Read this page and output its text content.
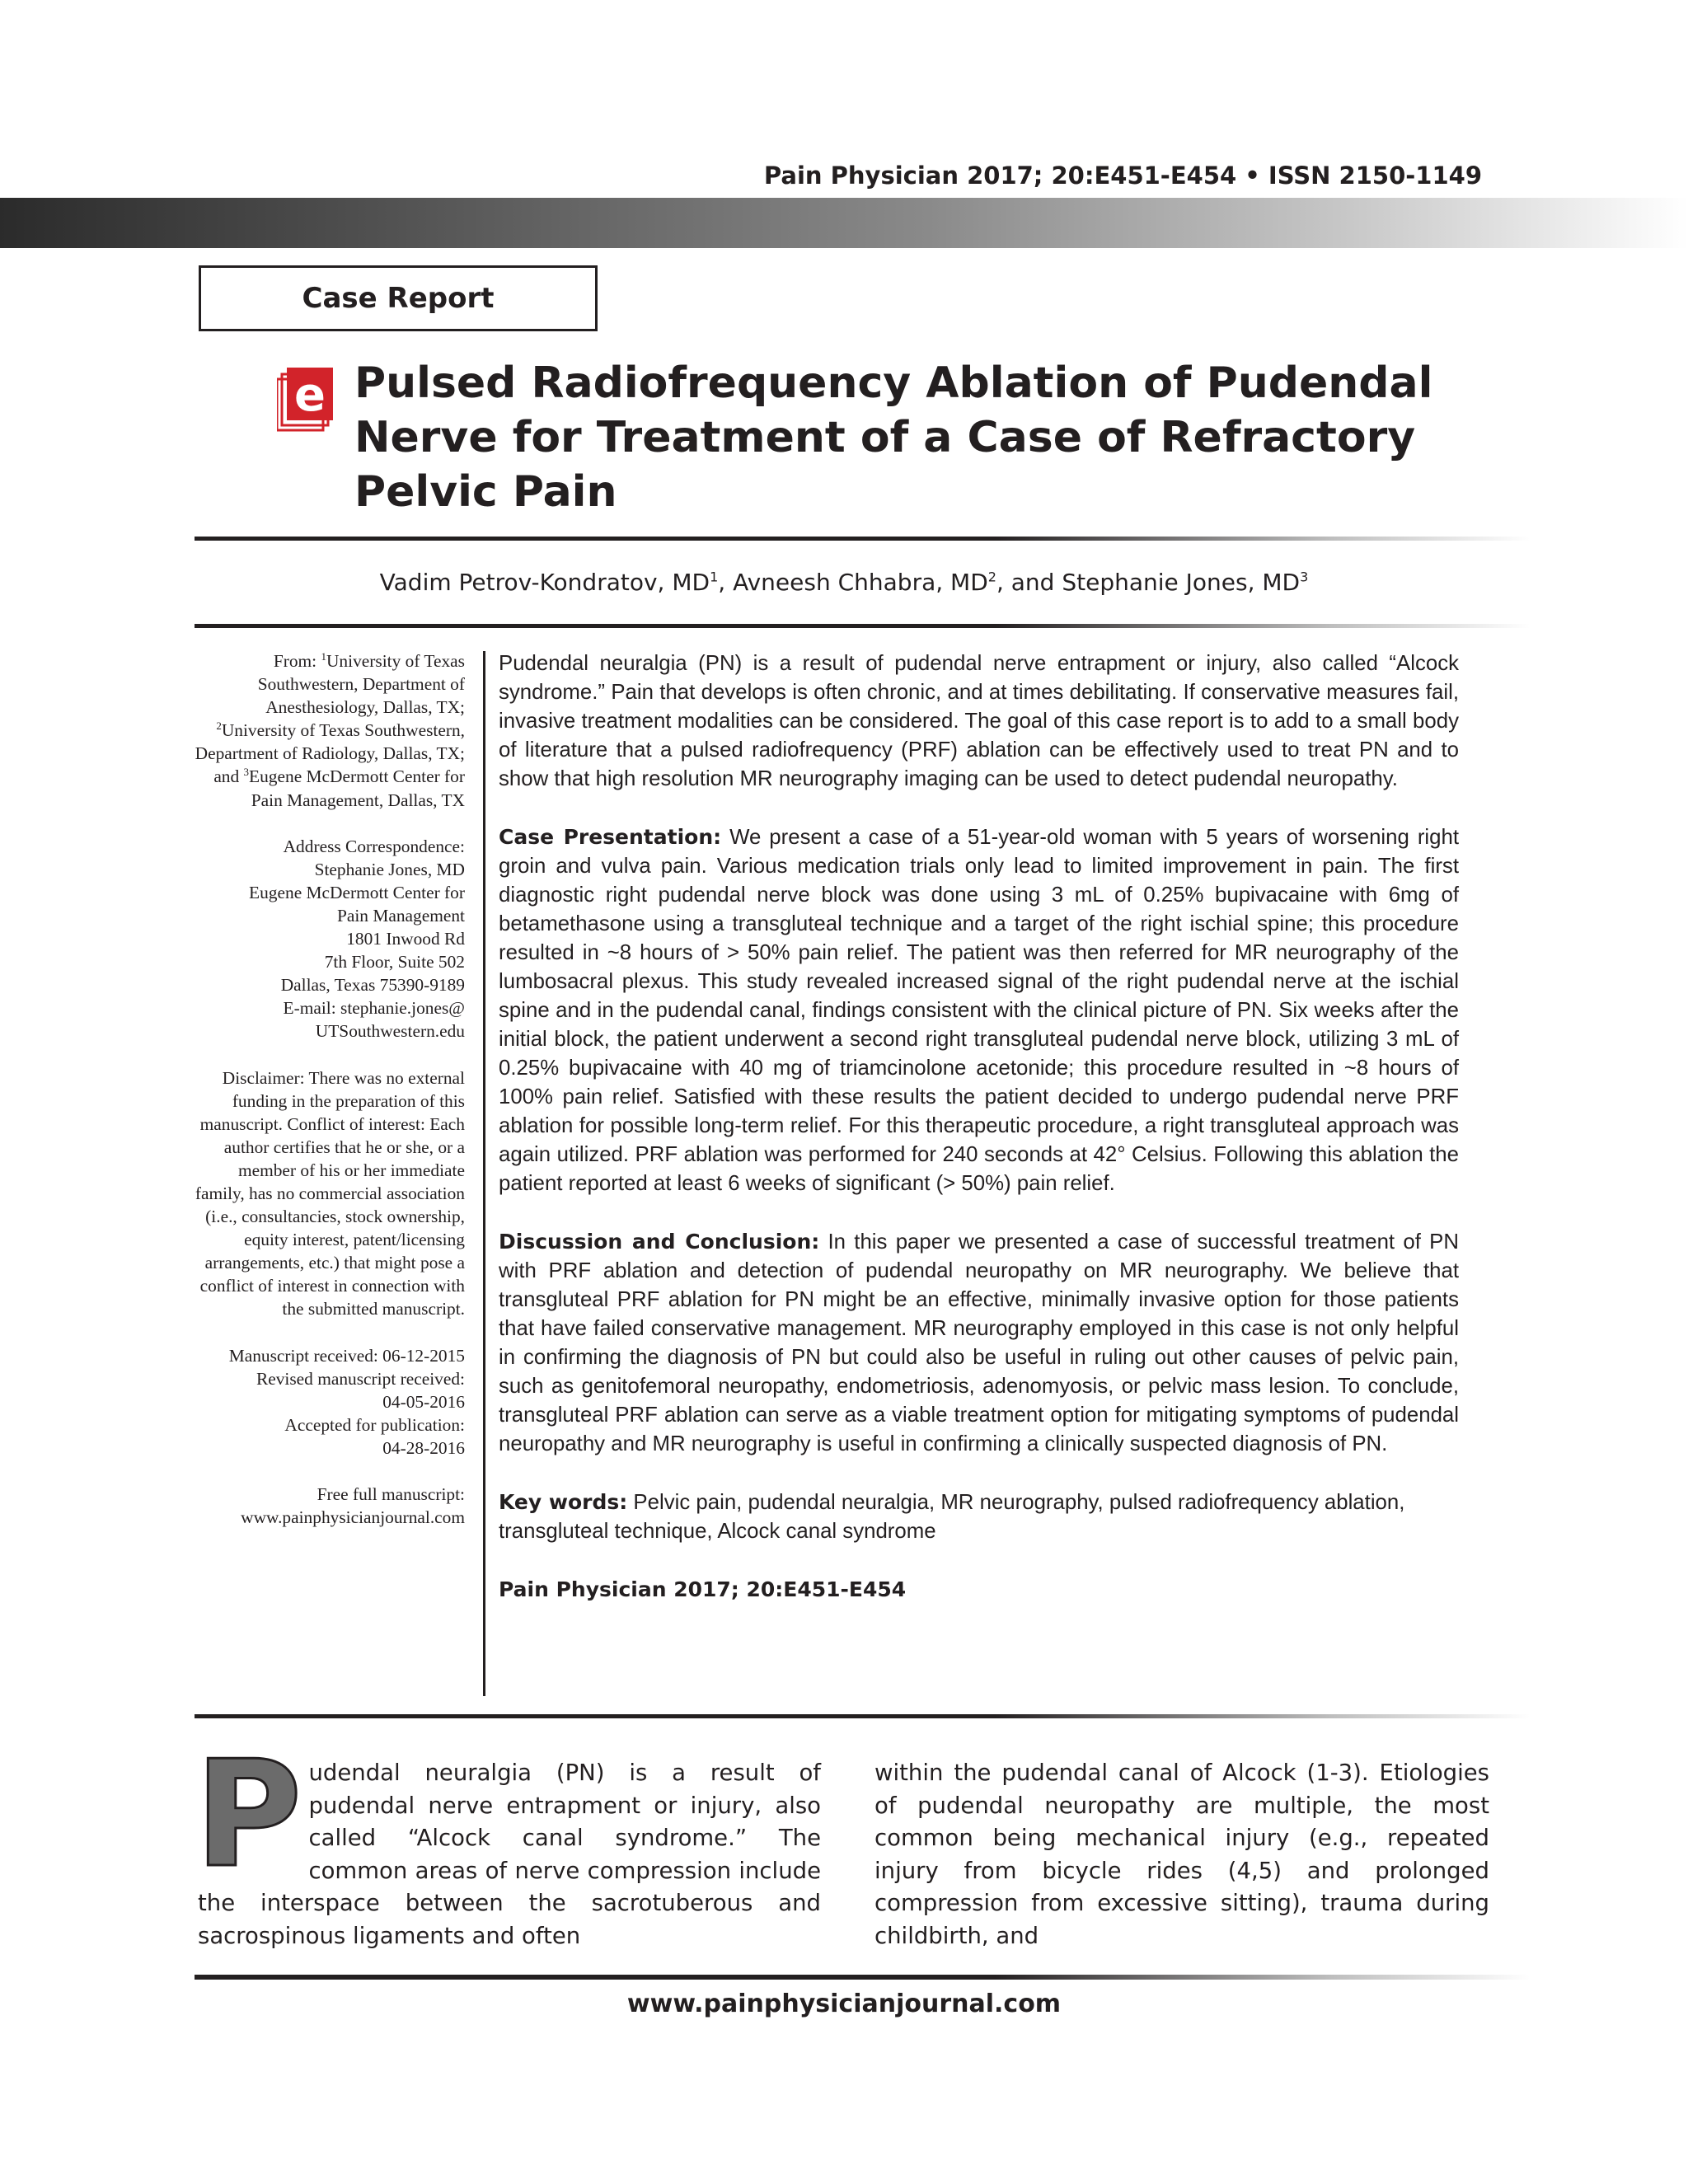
Pain Physician 2017; 20:E451-E454 • ISSN 2150-1149
Case Report
e Pulsed Radiofrequency Ablation of Pudendal Nerve for Treatment of a Case of Refractory Pelvic Pain
Vadim Petrov-Kondratov, $MD^1$, Avneesh Chhabra, $MD^2$, and Stephanie Jones, $MD^3$

From: $^1$University of Texas Southwestern, Department of Anesthesiology, Dallas, TX; $^2$University of Texas Southwestern, Department of Radiology, Dallas, TX; and $^3$Eugene McDermott Center for Pain Management, Dallas, TX

Address Correspondence:
Stephanie Jones, MD
Eugene McDermott Center for
Pain Management
1801 Inwood Rd
7th Floor, Suite 502
Dallas, Texas 75390-9189
E-mail: stephanie.jones@
UTSouthwestern.edu

Disclaimer: There was no external funding in the preparation of this manuscript. Conflict of interest: Each author certifies that he or she, or a member of his or her immediate family, has no commercial association (i.e., consultancies, stock ownership, equity interest, patent/licensing arrangements, etc.) that might pose a conflict of interest in connection with the submitted manuscript.

Manuscript received: 06-12-2015
Revised manuscript received:
04-05-2016
Accepted for publication:
04-28-2016

Free full manuscript:
www.painphysicianjournal.com

Pudendal neuralgia (PN) is a result of pudendal nerve entrapment or injury, also called “Alcock syndrome.” Pain that develops is often chronic, and at times debilitating. If conservative measures fail, invasive treatment modalities can be considered. The goal of this case report is to add to a small body of literature that a pulsed radiofrequency (PRF) ablation can be effectively used to treat PN and to show that high resolution MR neurography imaging can be used to detect pudendal neuropathy.

Case Presentation: We present a case of a 51-year-old woman with 5 years of worsening right groin and vulva pain. Various medication trials only lead to limited improvement in pain. The first diagnostic right pudendal nerve block was done using 3 mL of 0.25% bupivacaine with 6mg of betamethasone using a transgluteal technique and a target of the right ischial spine; this procedure resulted in ~8 hours of > 50% pain relief. The patient was then referred for MR neurography of the lumbosacral plexus. This study revealed increased signal of the right pudendal nerve at the ischial spine and in the pudendal canal, findings consistent with the clinical picture of PN. Six weeks after the initial block, the patient underwent a second right transgluteal pudendal nerve block, utilizing 3 mL of 0.25% bupivacaine with 40 mg of triamcinolone acetonide; this procedure resulted in ~8 hours of 100% pain relief. Satisfied with these results the patient decided to undergo pudendal nerve PRF ablation for possible long-term relief. For this therapeutic procedure, a right transgluteal approach was again utilized. PRF ablation was performed for 240 seconds at 42° Celsius. Following this ablation the patient reported at least 6 weeks of significant (> 50%) pain relief.

Discussion and Conclusion: In this paper we presented a case of successful treatment of PN with PRF ablation and detection of pudendal neuropathy on MR neurography. We believe that transgluteal PRF ablation for PN might be an effective, minimally invasive option for those patients that have failed conservative management. MR neurography employed in this case is not only helpful in confirming the diagnosis of PN but could also be useful in ruling out other causes of pelvic pain, such as genitofemoral neuropathy, endometriosis, adenomyosis, or pelvic mass lesion. To conclude, transgluteal PRF ablation can serve as a viable treatment option for mitigating symptoms of pudendal neuropathy and MR neurography is useful in confirming a clinically suspected diagnosis of PN.

Key words: Pelvic pain, pudendal neuralgia, MR neurography, pulsed radiofrequency ablation, transgluteal technique, Alcock canal syndrome

Pain Physician 2017; 20:E451-E454

Pudendal neuralgia (PN) is a result of pudendal nerve entrapment or injury, also called “Alcock canal syndrome.” The common areas of nerve compression include the interspace between the sacrotuberous and sacrospinous ligaments and often
within the pudendal canal of Alcock (1-3). Etiologies of pudendal neuropathy are multiple, the most common being mechanical injury (e.g., repeated injury from bicycle rides (4,5) and prolonged compression from excessive sitting), trauma during childbirth, and
www.painphysicianjournal.com
